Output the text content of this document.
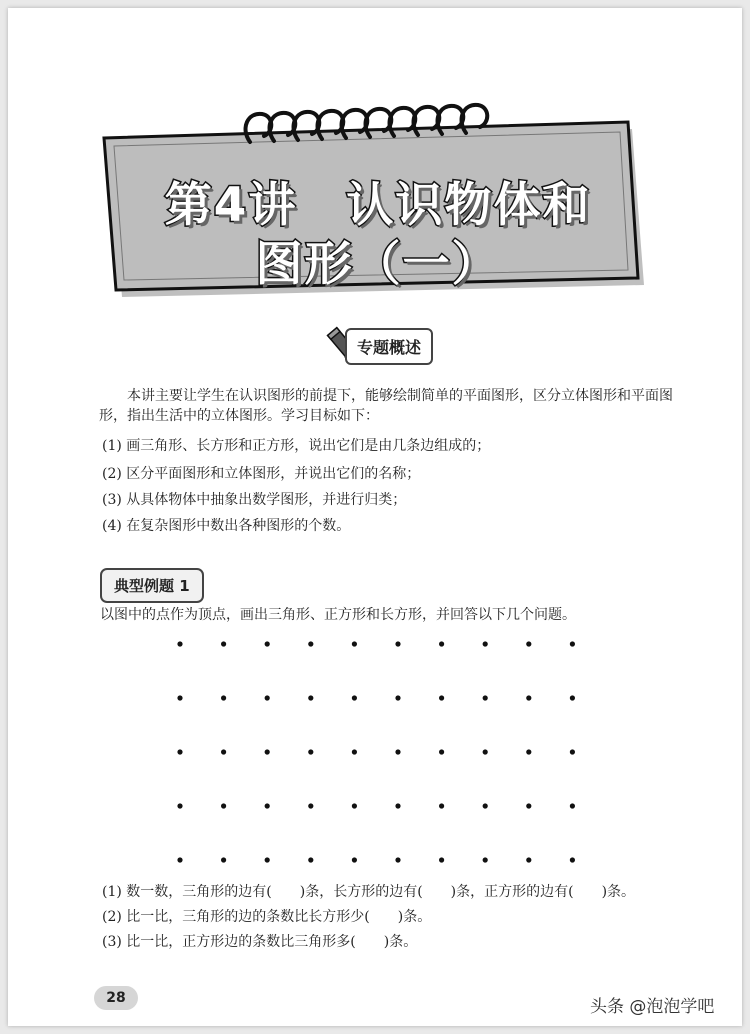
第4讲　认识物体和
图形（一）
专题概述
本讲主要让学生在认识图形的前提下，能够绘制简单的平面图形，区分立体图形和平面图形，指出生活中的立体图形。学习目标如下：
(1) 画三角形、长方形和正方形，说出它们是由几条边组成的；
(2) 区分平面图形和立体图形，并说出它们的名称；
(3) 从具体物体中抽象出数学图形，并进行归类；
(4) 在复杂图形中数出各种图形的个数。
典型例题 1
以图中的点作为顶点，画出三角形、正方形和长方形，并回答以下几个问题。
(1) 数一数，三角形的边有(　　)条，长方形的边有(　　)条，正方形的边有(　　)条。
(2) 比一比，三角形的边的条数比长方形少(　　)条。
(3) 比一比，正方形边的条数比三角形多(　　)条。
28	头条 @泡泡学吧
